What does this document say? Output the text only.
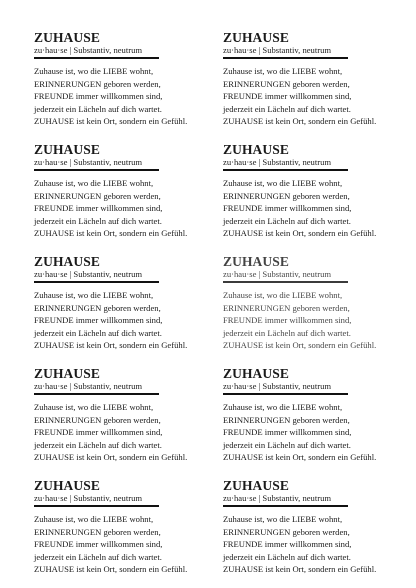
ZUHAUSE
zu·hau·se | Substantiv, neutrum
Zuhause ist, wo die LIEBE wohnt,
ERINNERUNGEN geboren werden,
FREUNDE immer willkommen sind,
jederzeit ein Lächeln auf dich wartet.
ZUHAUSE ist kein Ort, sondern ein Gefühl.
ZUHAUSE
zu·hau·se | Substantiv, neutrum
Zuhause ist, wo die LIEBE wohnt,
ERINNERUNGEN geboren werden,
FREUNDE immer willkommen sind,
jederzeit ein Lächeln auf dich wartet.
ZUHAUSE ist kein Ort, sondern ein Gefühl.
ZUHAUSE
zu·hau·se | Substantiv, neutrum
Zuhause ist, wo die LIEBE wohnt,
ERINNERUNGEN geboren werden,
FREUNDE immer willkommen sind,
jederzeit ein Lächeln auf dich wartet.
ZUHAUSE ist kein Ort, sondern ein Gefühl.
ZUHAUSE
zu·hau·se | Substantiv, neutrum
Zuhause ist, wo die LIEBE wohnt,
ERINNERUNGEN geboren werden,
FREUNDE immer willkommen sind,
jederzeit ein Lächeln auf dich wartet.
ZUHAUSE ist kein Ort, sondern ein Gefühl.
ZUHAUSE
zu·hau·se | Substantiv, neutrum
Zuhause ist, wo die LIEBE wohnt,
ERINNERUNGEN geboren werden,
FREUNDE immer willkommen sind,
jederzeit ein Lächeln auf dich wartet.
ZUHAUSE ist kein Ort, sondern ein Gefühl.
ZUHAUSE
zu·hau·se | Substantiv, neutrum
Zuhause ist, wo die LIEBE wohnt,
ERINNERUNGEN geboren werden,
FREUNDE immer willkommen sind,
jederzeit ein Lächeln auf dich wartet.
ZUHAUSE ist kein Ort, sondern ein Gefühl.
ZUHAUSE
zu·hau·se | Substantiv, neutrum
Zuhause ist, wo die LIEBE wohnt,
ERINNERUNGEN geboren werden,
FREUNDE immer willkommen sind,
jederzeit ein Lächeln auf dich wartet.
ZUHAUSE ist kein Ort, sondern ein Gefühl.
ZUHAUSE
zu·hau·se | Substantiv, neutrum
Zuhause ist, wo die LIEBE wohnt,
ERINNERUNGEN geboren werden,
FREUNDE immer willkommen sind,
jederzeit ein Lächeln auf dich wartet.
ZUHAUSE ist kein Ort, sondern ein Gefühl.
ZUHAUSE
zu·hau·se | Substantiv, neutrum
Zuhause ist, wo die LIEBE wohnt,
ERINNERUNGEN geboren werden,
FREUNDE immer willkommen sind,
jederzeit ein Lächeln auf dich wartet.
ZUHAUSE ist kein Ort, sondern ein Gefühl.
ZUHAUSE
zu·hau·se | Substantiv, neutrum
Zuhause ist, wo die LIEBE wohnt,
ERINNERUNGEN geboren werden,
FREUNDE immer willkommen sind,
jederzeit ein Lächeln auf dich wartet.
ZUHAUSE ist kein Ort, sondern ein Gefühl.
